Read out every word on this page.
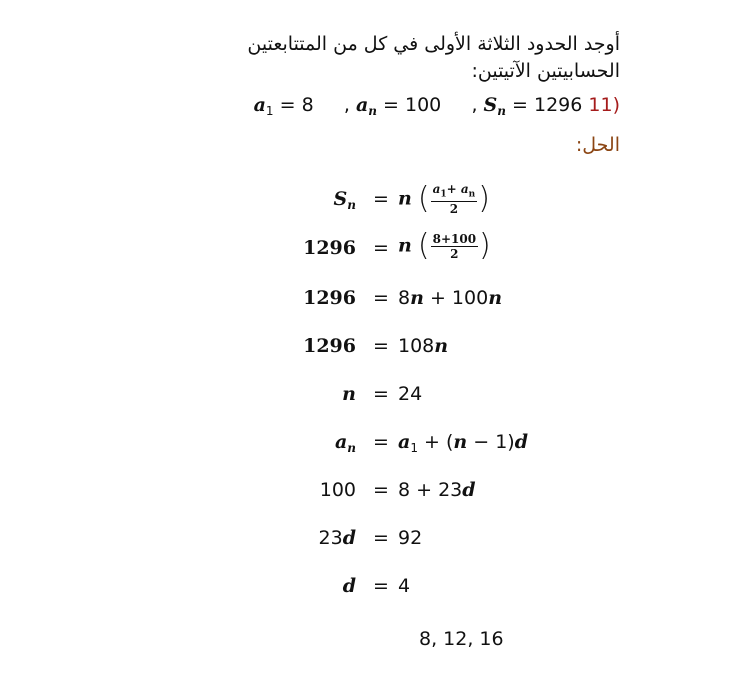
أوجد الحدود الثلاثة الأولى في كل من المتتابعتين
الحسابيتين الآتيتين:
$a_1 = 8$     , $a_n = 100$     , $S_n = 1296$ 11)
الحل:
$S_n = n$ ( $\frac{a_1+ a_n}{2}$ )
1296 = n ( $\frac{8+100}{2}$ )
1296 = 8n + 100n
1296 = 108n
n = 24
$a_n = a_1 + (n - 1)d$
100 = 8 + 23d
23d = 92
d = 4
8, 12, 16
